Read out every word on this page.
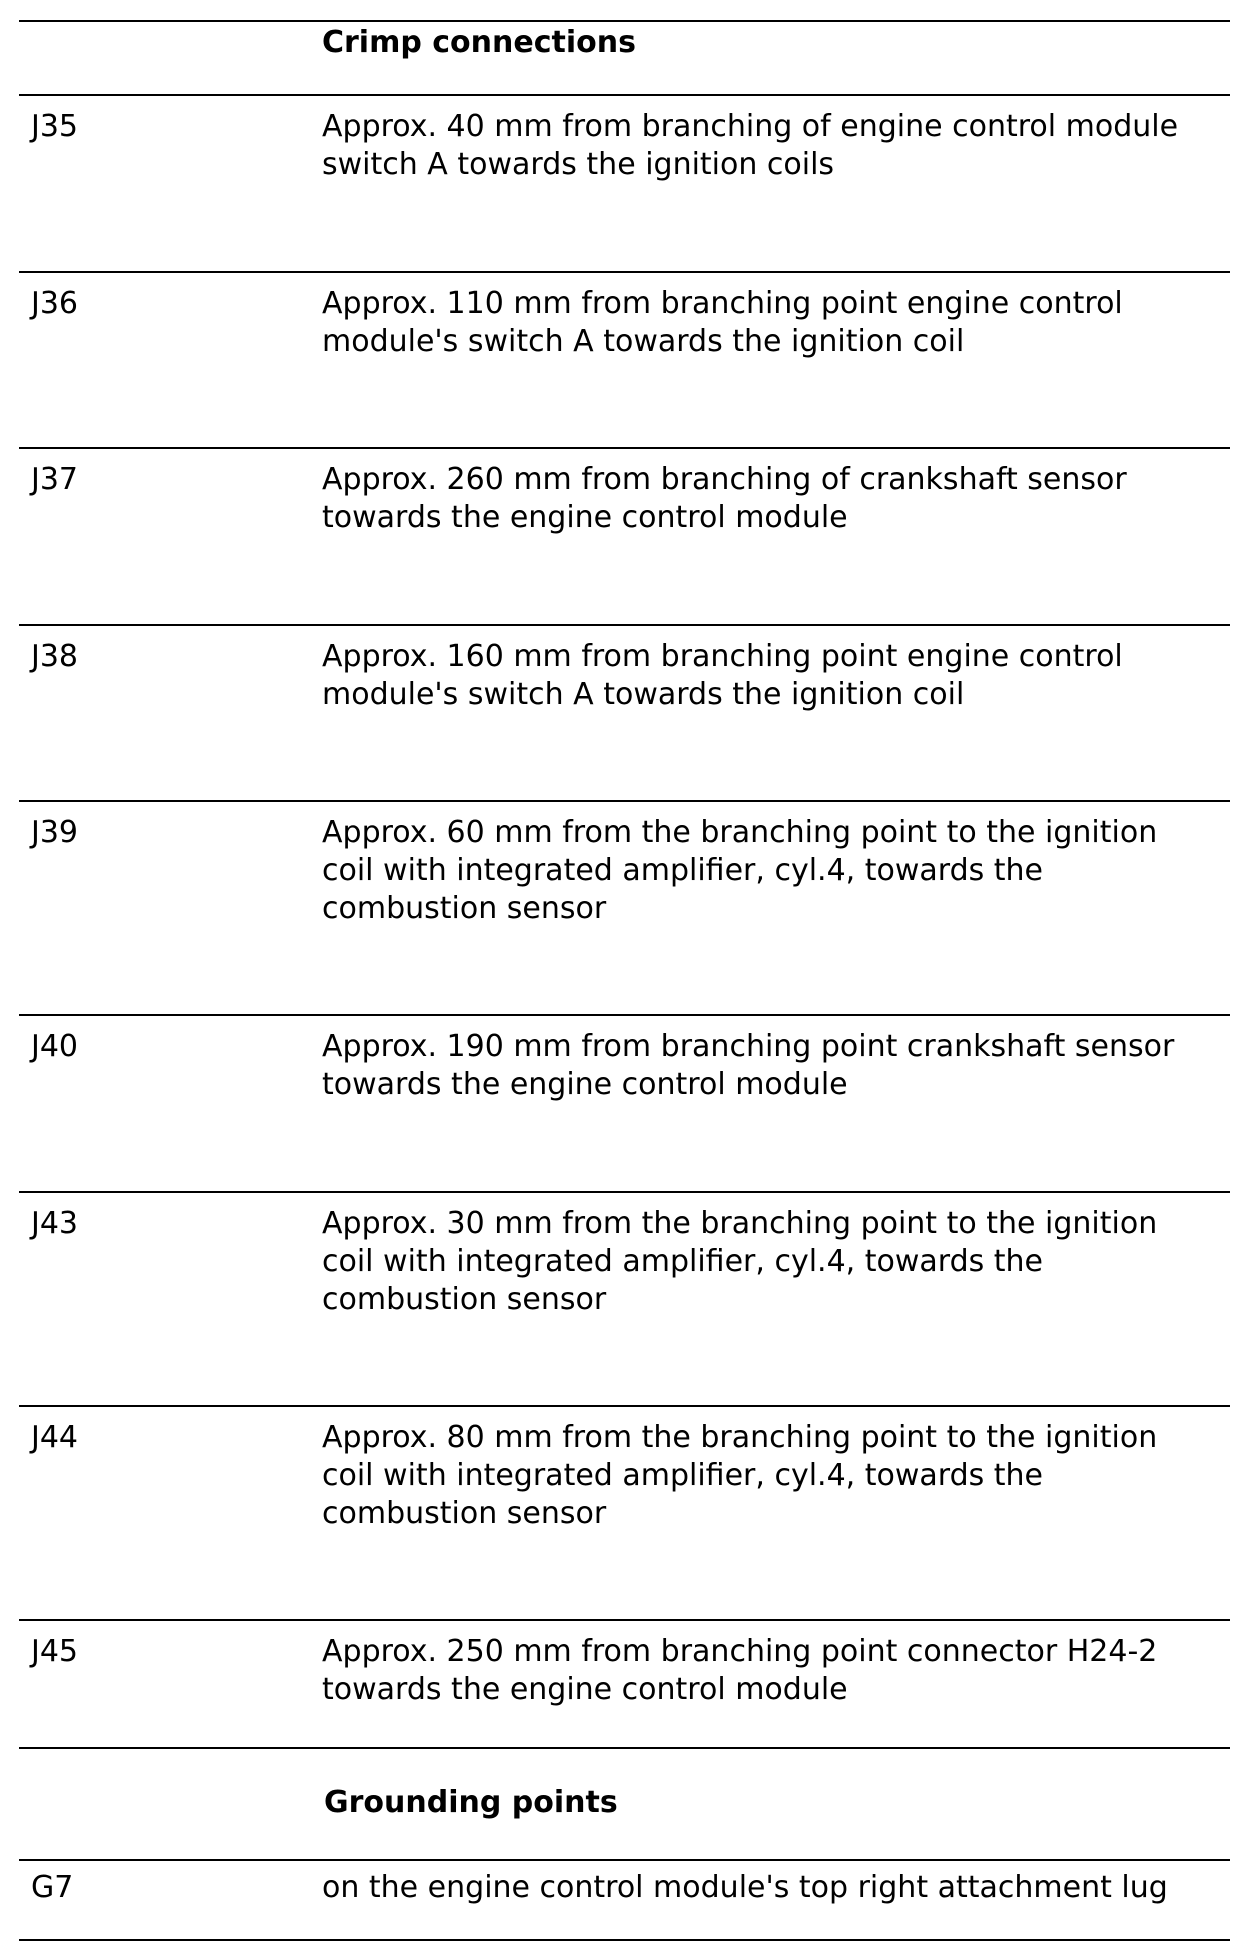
Crimp connections
J35	Approx. 40 mm from branching of engine control module
switch A towards the ignition coils
J36	Approx. 110 mm from branching point engine control
module's switch A towards the ignition coil
J37	Approx. 260 mm from branching of crankshaft sensor
towards the engine control module
J38	Approx. 160 mm from branching point engine control
module's switch A towards the ignition coil
J39	Approx. 60 mm from the branching point to the ignition
coil with integrated amplifier, cyl.4, towards the
combustion sensor
J40	Approx. 190 mm from branching point crankshaft sensor
towards the engine control module
J43	Approx. 30 mm from the branching point to the ignition
coil with integrated amplifier, cyl.4, towards the
combustion sensor
J44	Approx. 80 mm from the branching point to the ignition
coil with integrated amplifier, cyl.4, towards the
combustion sensor
J45	Approx. 250 mm from branching point connector H24-2
towards the engine control module
Grounding points
G7	on the engine control module's top right attachment lug
